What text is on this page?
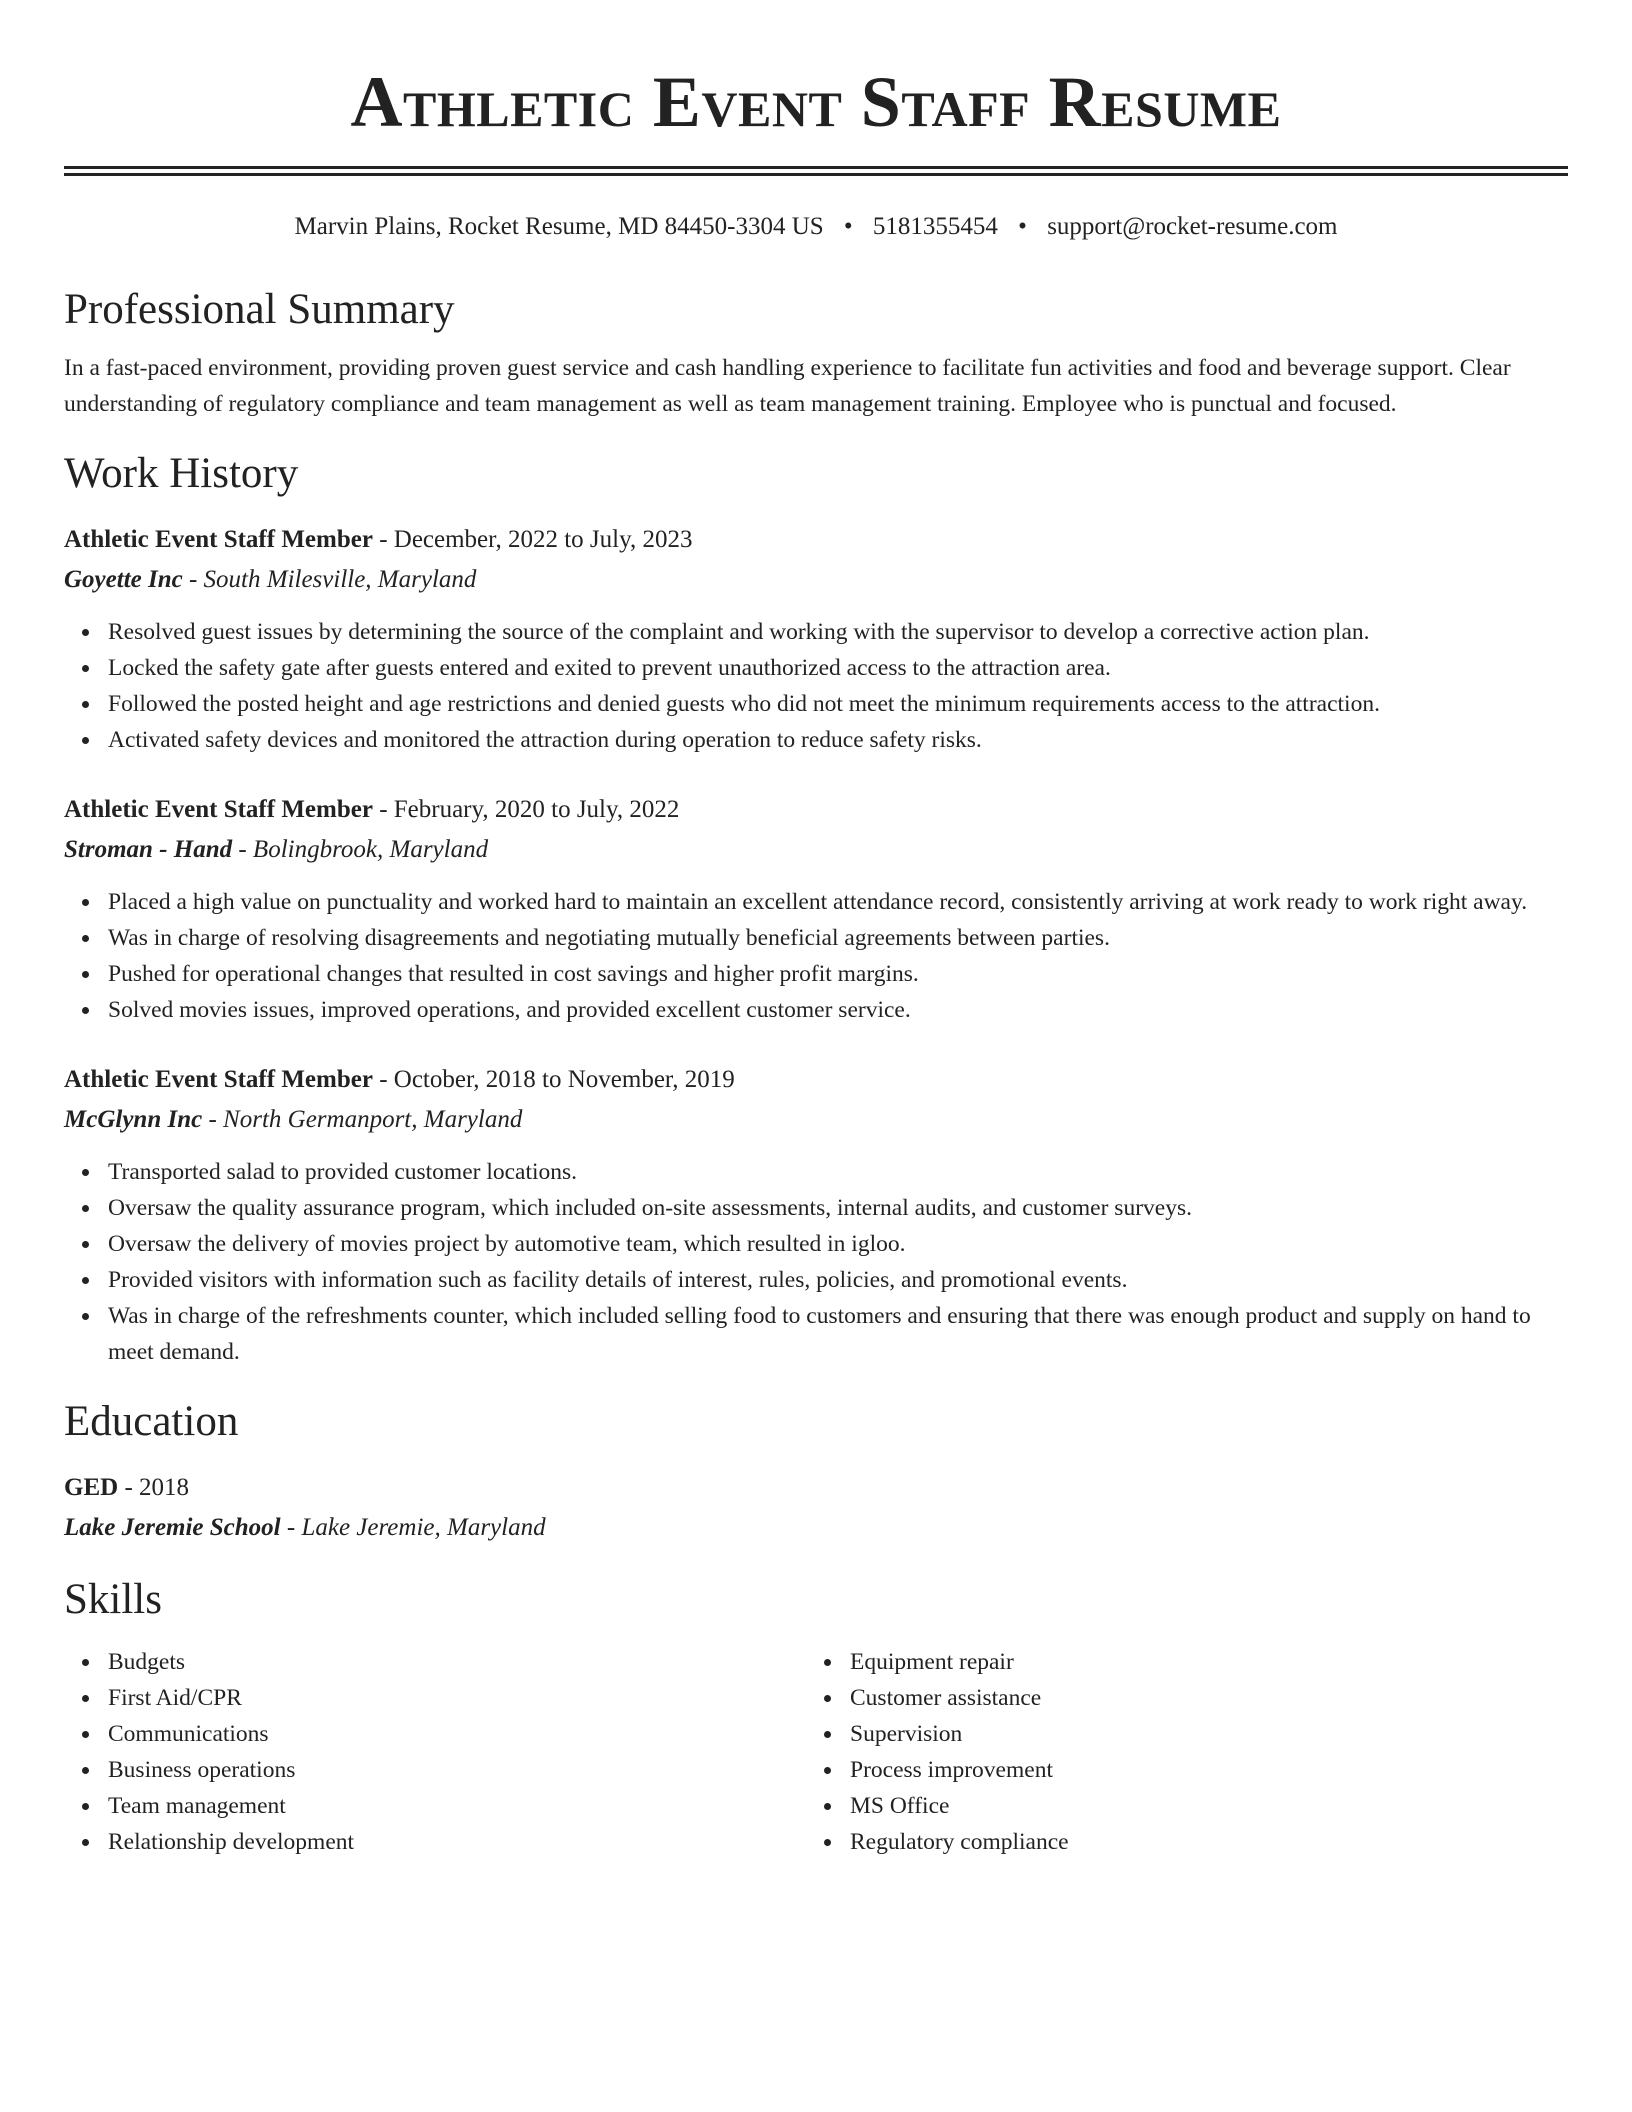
Athletic Event Staff Resume
Marvin Plains, Rocket Resume, MD 84450-3304 US • 5181355454 • support@rocket-resume.com
Professional Summary

In a fast-paced environment, providing proven guest service and cash handling experience to facilitate fun activities and food and beverage support. Clear understanding of regulatory compliance and team management as well as team management training. Employee who is punctual and focused.

Work History
Athletic Event Staff Member - December, 2022 to July, 2023
Goyette Inc - South Milesville, Maryland
Resolved guest issues by determining the source of the complaint and working with the supervisor to develop a corrective action plan.
Locked the safety gate after guests entered and exited to prevent unauthorized access to the attraction area.
Followed the posted height and age restrictions and denied guests who did not meet the minimum requirements access to the attraction.
Activated safety devices and monitored the attraction during operation to reduce safety risks.
Athletic Event Staff Member - February, 2020 to July, 2022
Stroman - Hand - Bolingbrook, Maryland
Placed a high value on punctuality and worked hard to maintain an excellent attendance record, consistently arriving at work ready to work right away.
Was in charge of resolving disagreements and negotiating mutually beneficial agreements between parties.
Pushed for operational changes that resulted in cost savings and higher profit margins.
Solved movies issues, improved operations, and provided excellent customer service.
Athletic Event Staff Member - October, 2018 to November, 2019
McGlynn Inc - North Germanport, Maryland
Transported salad to provided customer locations.
Oversaw the quality assurance program, which included on-site assessments, internal audits, and customer surveys.
Oversaw the delivery of movies project by automotive team, which resulted in igloo.
Provided visitors with information such as facility details of interest, rules, policies, and promotional events.
Was in charge of the refreshments counter, which included selling food to customers and ensuring that there was enough product and supply on hand to meet demand.
Education
GED - 2018
Lake Jeremie School - Lake Jeremie, Maryland
Skills
Budgets
First Aid/CPR
Communications
Business operations
Team management
Relationship development
Equipment repair
Customer assistance
Supervision
Process improvement
MS Office
Regulatory compliance
